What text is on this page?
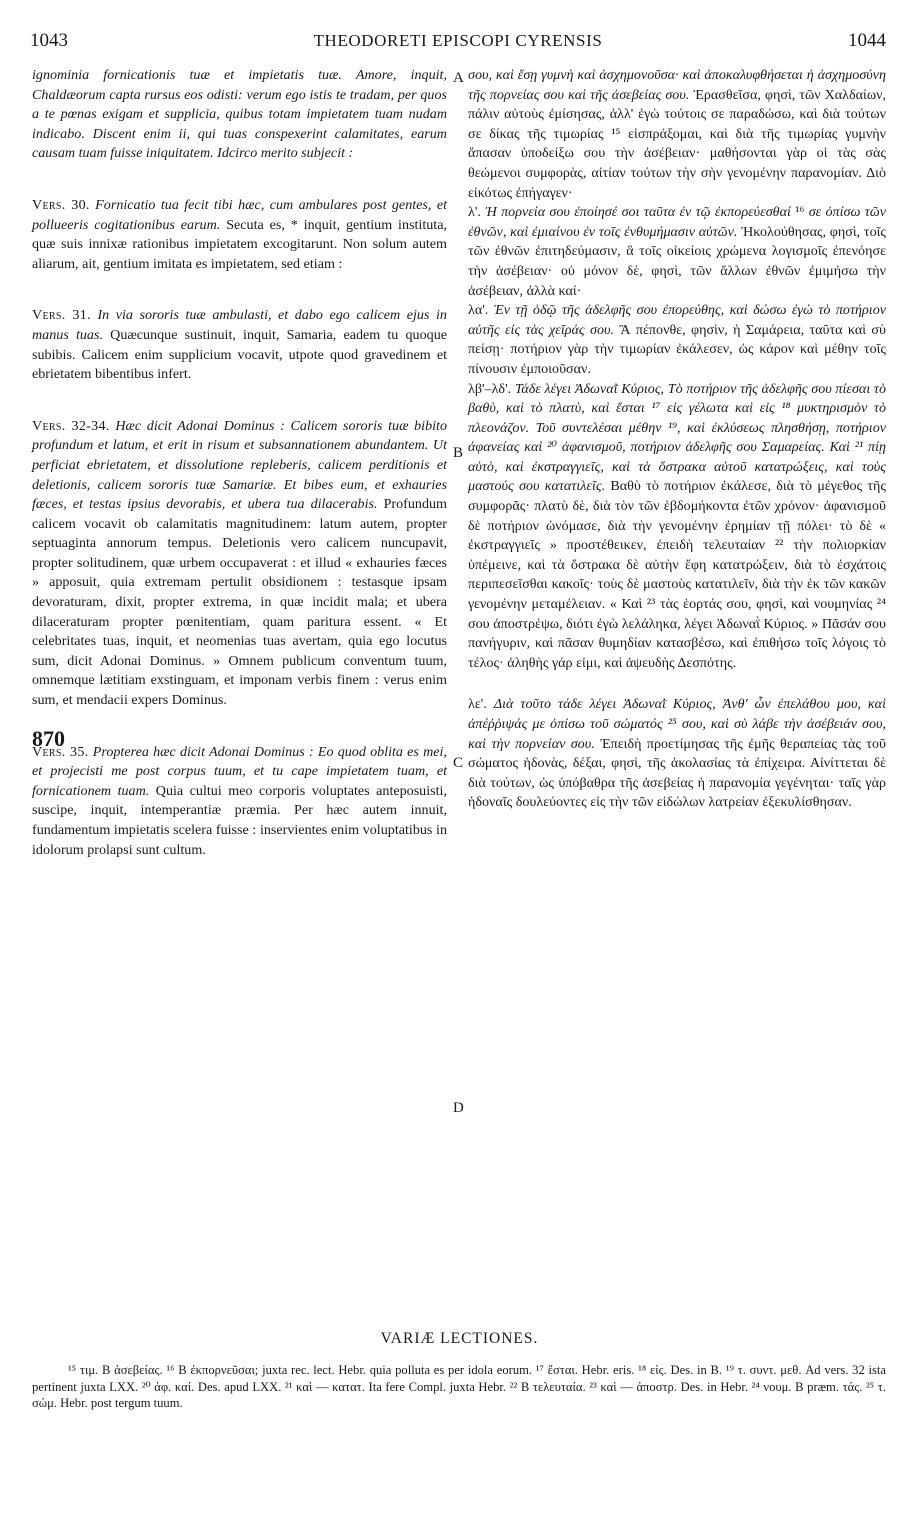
1043	THEODORETI EPISCOPI CYRENSIS	1044

ignominia fornicationis tuæ et impietatis tuæ. Amore, inquit, Chaldæorum capta rursus eos odisti: verum ego istis te tradam, per quos a te pœnas exigam et supplicia, quibus totam impietatem tuam nudam indicabo. Discent enim ii, qui tuas conspexerint calamitates, earum causam tuam fuisse iniquitatem. Idcirco merito subjecit :

Vers. 30. Fornicatio tua fecit tibi hæc, cum ambulares post gentes, et pollueeris cogitationibus earum. Secuta es, * inquit, gentium instituta, quæ suis innixæ rationibus impietatem excogitarunt. Non solum autem aliarum, ait, gentium imitata es impietatem, sed etiam :

Vers. 31. In via sororis tuæ ambulasti, et dabo ego calicem ejus in manus tuas. Quæcunque sustinuit, inquit, Samaria, eadem tu quoque subibis. Calicem enim supplicium vocavit, utpote quod gravedinem et ebrietatem bibentibus infert.

Vers. 32-34. Hæc dicit Adonai Dominus : Calicem sororis tuæ bibito profundum et latum, et erit in risum et subsannationem abundantem. Ut perficiat ebrietatem, et dissolutione repleberis, calicem perditionis et deletionis, calicem sororis tuæ Samariæ. Et bibes eum, et exhauries fæces, et testas ipsius devorabis, et ubera tua dilacerabis. Profundum calicem vocavit ob calamitatis magnitudinem: latum autem, propter septuaginta annorum tempus. Deletionis vero calicem nuncupavit, propter solitudinem, quæ urbem occupaverat : et illud « exhauries fæces » apposuit, quia extremam pertulit obsidionem : testasque ipsam devoraturam, dixit, propter extrema, in quæ incidit mala; et ubera dilaceraturam propter pœnitentiam, quam paritura essent. « Et celebritates tuas, inquit, et neomenias tuas avertam, quia ego locutus sum, dicit Adonai Dominus. » Omnem publicum conventum tuum, omnemque lætitiam exstinguam, et imponam verbis finem : verus enim sum, et mendacii expers Dominus.

Vers. 35. Propterea hæc dicit Adonai Dominus : Eo quod oblita es mei, et projecisti me post corpus tuum, et tu cape impietatem tuam, et fornicationem tuam. Quia cultui meo corporis voluptates anteposuisti, suscipe, inquit, intemperantiæ præmia. Per hæc autem innuit, fundamentum impietatis scelera fuisse : inservientes enim voluptatibus in idolorum prolapsi sunt cultum.

σου, καὶ ἔσῃ γυμνὴ καὶ ἀσχημονοῦσα· καὶ ἀποκαλυφθήσεται ἡ ἀσχημοσύνη τῆς πορνείας σου καὶ τῆς ἀσεβείας σου. Ἐρασθεῖσα, φησὶ, τῶν Χαλδαίων, πάλιν αὐτοὺς ἐμίσησας, ἀλλ' ἐγὼ τούτοις σε παραδώσω, καὶ διὰ τούτων σε δίκας τῆς τιμωρίας ¹⁵ εἰσπράξομαι, καὶ διὰ τῆς τιμωρίας γυμνὴν ἅπασαν ὑποδείξω σου τὴν ἀσέβειαν· μαθήσονται γὰρ οἱ τὰς σὰς θεώμενοι συμφορὰς, αἰτίαν τούτων τὴν σὴν γενομένην παρανομίαν. Διὸ εἰκότως ἐπήγαγεν·

λ'. Ἡ πορνεία σου ἐποίησέ σοι ταῦτα ἐν τῷ ἐκπορεύεσθαί ¹⁶ σε ὀπίσω τῶν ἐθνῶν, καὶ ἐμιαίνου ἐν τοῖς ἐνθυμήμασιν αὐτῶν. Ἠκολούθησας, φησὶ, τοῖς τῶν ἐθνῶν ἐπιτηδεύμασιν, ἃ τοῖς οἰκείοις χρώμενα λογισμοῖς ἐπενόησε τὴν ἀσέβειαν· οὐ μόνον δὲ, φησὶ, τῶν ἄλλων ἐθνῶν ἐμιμήσω τὴν ἀσέβειαν, ἀλλὰ καί·

λα'. Ἐν τῇ ὁδῷ τῆς ἀδελφῆς σου ἐπορεύθης, καὶ δώσω ἐγὼ τὸ ποτήριον αὐτῆς εἰς τὰς χεῖράς σου. Ἃ πέπονθε, φησὶν, ἡ Σαμάρεια, ταῦτα καὶ σὺ πείσῃ· ποτήριον γὰρ τὴν τιμωρίαν ἐκάλεσεν, ὡς κάρον καὶ μέθην τοῖς πίνουσιν ἐμποιοῦσαν.

λβ'–λδ'. Τάδε λέγει Ἀδωναῒ Κύριος, Τὸ ποτήριον τῆς ἀδελφῆς σου πίεσαι τὸ βαθὺ, καὶ τὸ πλατὺ, καὶ ἔσται ¹⁷ εἰς γέλωτα καὶ εἰς ¹⁸ μυκτηρισμὸν τὸ πλεονάζον. Τοῦ συντελέσαι μέθην ¹⁹, καὶ ἐκλύσεως πλησθήσῃ, ποτήριον ἀφανείας καὶ ²⁰ ἀφανισμοῦ, ποτήριον ἀδελφῆς σου Σαμαρείας. Καὶ ²¹ πίῃ αὐτὸ, καὶ ἐκστραγγιεῖς, καὶ τὰ ὄστρακα αὐτοῦ κατατρώξεις, καὶ τοὺς μαστούς σου κατατιλεῖς. Βαθὺ τὸ ποτήριον ἐκάλεσε, διὰ τὸ μέγεθος τῆς συμφορᾶς· πλατὺ δὲ, διὰ τὸν τῶν ἑβδομήκοντα ἐτῶν χρόνον· ἀφανισμοῦ δὲ ποτήριον ὠνόμασε, διὰ τὴν γενομένην ἐρημίαν τῇ πόλει· τὸ δὲ « ἐκστραγγιεῖς » προστέθεικεν, ἐπειδὴ τελευταίαν ²² τὴν πολιορκίαν ὑπέμεινε, καὶ τὰ ὄστρακα δὲ αὐτὴν ἔφη κατατρώξειν, διὰ τὸ ἐσχάτοις περιπεσεῖσθαι κακοῖς· τοὺς δὲ μαστοὺς κατατιλεῖν, διὰ τὴν ἐκ τῶν κακῶν γενομένην μεταμέλειαν. « Καὶ ²³ τὰς ἑορτάς σου, φησὶ, καὶ νουμηνίας ²⁴ σου ἀποστρέψω, διότι ἐγὼ λελάληκα, λέγει Ἀδωναῒ Κύριος. » Πᾶσάν σου πανήγυριν, καὶ πᾶσαν θυμηδίαν κατασβέσω, καὶ ἐπιθήσω τοῖς λόγοις τὸ τέλος· ἀληθὴς γάρ εἰμι, καὶ ἀψευδὴς Δεσπότης.

λε'. Διὰ τοῦτο τάδε λέγει Ἀδωναῒ Κύριος, Ἀνθ' ὧν ἐπελάθου μου, καὶ ἀπέῤῥιψάς με ὀπίσω τοῦ σώματός ²⁵ σου, καὶ σὺ λάβε τὴν ἀσέβειάν σου, καὶ τὴν πορνείαν σου. Ἐπειδὴ προετίμησας τῆς ἐμῆς θεραπείας τὰς τοῦ σώματος ἡδονὰς, δέξαι, φησὶ, τῆς ἀκολασίας τὰ ἐπίχειρα. Αἰνίττεται δὲ διὰ τούτων, ὡς ὑπόβαθρα τῆς ἀσεβείας ἡ παρανομία γεγένηται· ταῖς γὰρ ἡδοναῖς δουλεύοντες εἰς τὴν τῶν εἰδώλων λατρείαν ἐξεκυλίσθησαν.

A
B
C
D
870
VARIÆ LECTIONES.
¹⁵ τιμ. B ἀσεβείας. ¹⁶ B ἐκπορνεῦσαι; juxta rec. lect. Hebr. quia polluta es per idola eorum. ¹⁷ ἔσται. Hebr. eris. ¹⁸ εἰς. Des. in B. ¹⁹ τ. συντ. μεθ. Ad vers. 32 ista pertinent juxta LXX. ²⁰ ἀφ. καί. Des. apud LXX. ²¹ καὶ — κατατ. Ita fere Compl. juxta Hebr. ²² B τελευταία. ²³ καὶ — ἀποστρ. Des. in Hebr. ²⁴ νουμ. B præm. τάς. ²⁵ τ. σώμ. Hebr. post tergum tuum.
